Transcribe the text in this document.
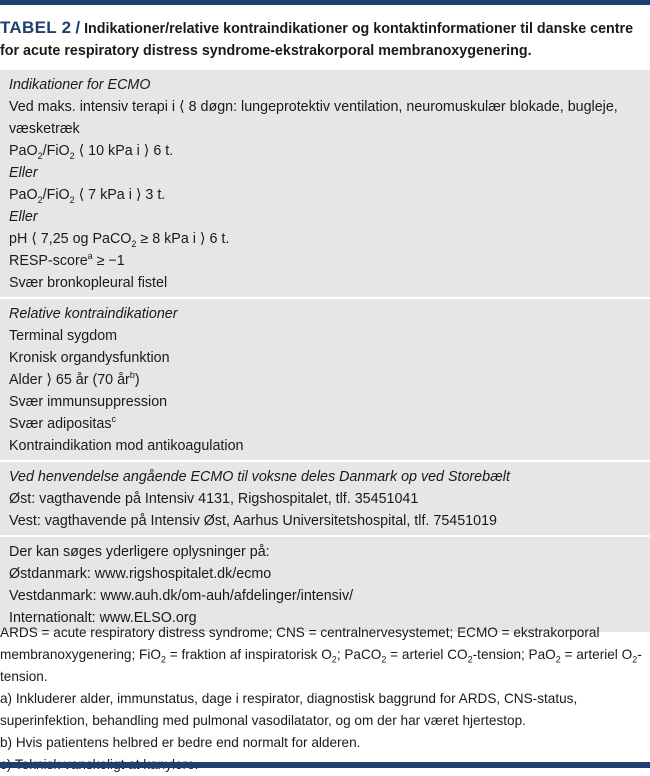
TABEL 2 / Indikationer/relative kontraindikationer og kontaktinformationer til danske centre for acute respiratory distress syndrome-ekstrakorporal membranoxygenering.
Indikationer for ECMO
Ved maks. intensiv terapi i ⟨ 8 døgn: lungeprotektiv ventilation, neuromuskulær blokade, bugleje, væsketræk
PaO$_2$/FiO$_2$ ⟨ 10 kPa i ⟩ 6 t.
Eller
PaO$_2$/FiO$_2$ ⟨ 7 kPa i ⟩ 3 t.
Eller
pH ⟨ 7,25 og PaCO$_2$ ≥ 8 kPa i ⟩ 6 t.
RESP-score$^a$ ≥ −1
Svær bronkopleural fistel
Relative kontraindikationer
Terminal sygdom
Kronisk organdysfunktion
Alder ⟩ 65 år (70 $år^b$)
Svær immunsuppression
Svær adipositas$^c$
Kontraindikation mod antikoagulation
Ved henvendelse angående ECMO til voksne deles Danmark op ved Storebælt
Øst: vagthavende på Intensiv 4131, Rigshospitalet, tlf. 35451041
Vest: vagthavende på Intensiv Øst, Aarhus Universitetshospital, tlf. 75451019
Der kan søges yderligere oplysninger på:
Østdanmark: www.rigshospitalet.dk/ecmo
Vestdanmark: www.auh.dk/om-auh/afdelinger/intensiv/
Internationalt: www.ELSO.org
ARDS = acute respiratory distress syndrome; CNS = centralnervesystemet; ECMO = ekstrakorporal membranoxygenering; FiO$_2$ = fraktion af inspiratorisk $O_2$; PaCO$_2$ = arteriel $CO_2$-tension; PaO$_2$ = arteriel $O_2$-tension.
a) Inkluderer alder, immunstatus, dage i respirator, diagnostisk baggrund for ARDS, CNS-status, superinfektion, behandling med pulmonal vasodilatator, og om der har været hjertestop.
b) Hvis patientens helbred er bedre end normalt for alderen.
